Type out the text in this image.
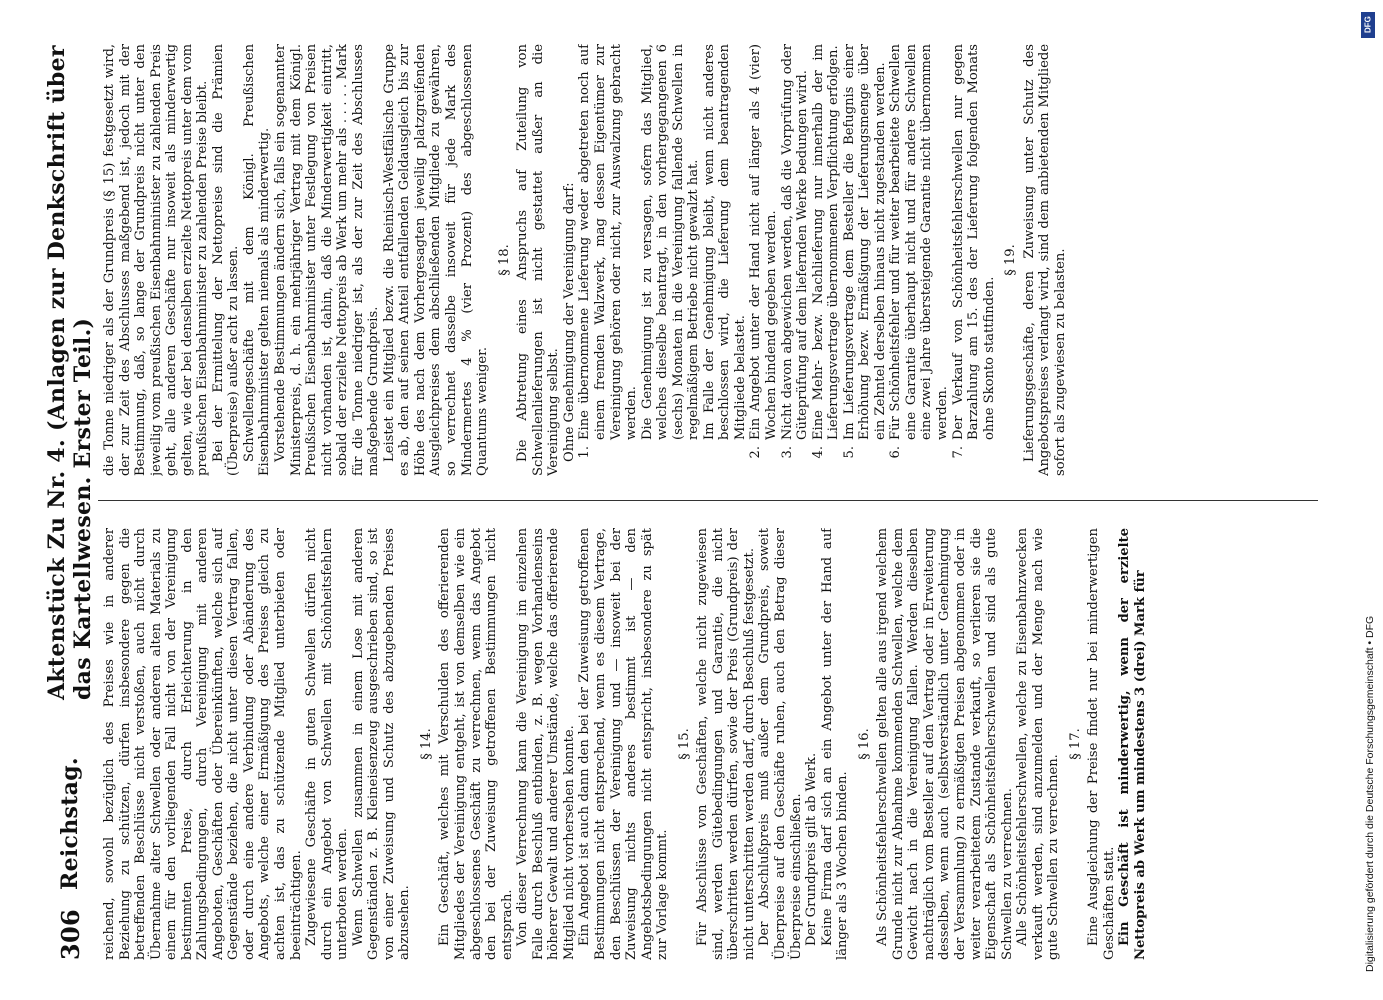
306
Reichstag.
Aktenstück Zu Nr. 4. (Anlagen zur Denkschrift über das Kartellwesen. Erster Teil.)

reichend, sowohl bezüglich des Preises wie in anderer Beziehung zu schützen, dürfen insbesondere gegen die betreffenden Beschlüsse nicht verstoßen, auch nicht durch Übernahme alter Schwellen oder anderen alten Materials zu einem für den vorliegenden Fall nicht von der Vereinigung bestimmten Preise, durch Erleichterung in den Zahlungsbedingungen, durch Vereinigung mit anderen Angeboten, Geschäften oder Übereinkünften, welche sich auf Gegenstände beziehen, die nicht unter diesen Vertrag fallen, oder durch eine andere Verbindung oder Abänderung des Angebots, welche einer Ermäßigung des Preises gleich zu achten ist, das zu schützende Mitglied unterbieten oder beeinträchtigen. Zugewiesene Geschäfte in guten Schwellen dürfen nicht durch ein Angebot von Schwellen mit Schönheitsfehlern unterboten werden. Wenn Schwellen zusammen in einem Lose mit anderen Gegenständen z. B. Kleineisenzeug ausgeschrieben sind, so ist von einer Zuweisung und Schutz des abzugebenden Preises abzusehen.

§ 14. Ein Geschäft, welches mit Verschulden des offerierenden Mitgliedes der Vereinigung entgeht, ist von demselben wie ein abgeschlossenes Geschäft zu verrechnen, wenn das Angebot den bei der Zuweisung getroffenen Bestimmungen nicht entsprach. Von dieser Verrechnung kann die Vereinigung im einzelnen Falle durch Beschluß entbinden, z. B. wegen Vorhandenseins höherer Gewalt und anderer Umstände, welche das offerierende Mitglied nicht vorhersehen konnte. Ein Angebot ist auch dann den bei der Zuweisung getroffenen Bestimmungen nicht entsprechend, wenn es diesem Vertrage, den Beschlüssen der Vereinigung und — insoweit bei der Zuweisung nichts anderes bestimmt ist — den Angebotsbedingungen nicht entspricht, insbesondere zu spät zur Vorlage kommt.

§ 15. Für Abschlüsse von Geschäften, welche nicht zugewiesen sind, werden Gütebedingungen und Garantie, die nicht überschritten werden dürfen, sowie der Preis (Grundpreis) der nicht unterschritten werden darf, durch Beschluß festgesetzt. Der Abschlußpreis muß außer dem Grundpreis, soweit Überpreise auf den Geschäfte ruhen, auch den Betrag dieser Überpreise einschließen. Der Grundpreis gilt ab Werk. Keine Firma darf sich an ein Angebot unter der Hand auf länger als 3 Wochen binden.

§ 16. Als Schönheitsfehlerschwellen gelten alle aus irgend welchem Grunde nicht zur Abnahme kommenden Schwellen, welche dem Gewicht nach in die Vereinigung fallen. Werden dieselben nachträglich vom Besteller auf den Vertrag oder in Erweiterung desselben, wenn auch (selbstverständlich unter Genehmigung der Versammlung) zu ermäßigten Preisen abgenommen oder in weiter verarbeitetem Zustande verkauft, so verlieren sie die Eigenschaft als Schönheitsfehlerschwellen und sind als gute Schwellen zu verrechnen. Alle Schönheitsfehlerschwellen, welche zu Eisenbahnzwecken verkauft werden, sind anzumelden und der Menge nach wie gute Schwellen zu verrechnen.

§ 17. Eine Ausgleichung der Preise findet nur bei minderwertigen Geschäften statt. Ein Geschäft ist minderwertig, wenn der erzielte Nettopreis ab Werk um mindestens 3 (drei) Mark für

die Tonne niedriger als der Grundpreis (§ 15) festgesetzt wird, der zur Zeit des Abschlusses maßgebend ist, jedoch mit der Bestimmung, daß, so lange der Grundpreis nicht unter den jeweilig vom preußischen Eisenbahnminister zu zahlenden Preis geht, alle anderen Geschäfte nur insoweit als minderwertig gelten, wie der bei denselben erzielte Nettopreis unter dem vom preußischen Eisenbahnminister zu zahlenden Preise bleibt. Bei der Ermittelung der Nettopreise sind die Prämien (Überpreise) außer acht zu lassen. Schwellengeschäfte mit dem Königl. Preußischen Eisenbahnminister gelten niemals als minderwertig. Vorstehende Bestimmungen ändern sich, falls ein sogenannter Ministerpreis, d. h. ein mehrjähriger Vertrag mit dem Königl. Preußischen Eisenbahnminister unter Festlegung von Preisen nicht vorhanden ist, dahin, daß die Minderwertigkeit eintritt, sobald der erzielte Nettopreis ab Werk um mehr als . . . . . Mark für die Tonne niedriger ist, als der zur Zeit des Abschlusses maßgebende Grundpreis. Leistet ein Mitglied bezw. die Rheinisch-Westfälische Gruppe es ab, den auf seinen Anteil entfallenden Geldausgleich bis zur Höhe des nach dem Vorhergesagten jeweilig platzgreifenden Ausgleichpreises dem abschließenden Mitgliede zu gewähren, so verrechnet dasselbe insoweit für jede Mark des Mindermertes 4 % (vier Prozent) des abgeschlossenen Quantums weniger.

§ 18. Die Abtretung eines Anspruchs auf Zuteilung von Schwellenlieferungen ist nicht gestattet außer an die Vereinigung selbst. Ohne Genehmigung der Vereinigung darf: 1.
Eine übernommene Lieferung weder abgetreten noch auf einem fremden Walzwerk, mag dessen Eigentümer zur Vereinigung gehören oder nicht, zur Auswalzung gebracht werden. Die Genehmigung ist zu versagen, sofern das Mitglied, welches dieselbe beantragt, in den vorhergegangenen 6 (sechs) Monaten in die Vereinigung fallende Schwellen in regelmäßigem Betriebe nicht gewalzt hat. Im Falle der Genehmigung bleibt, wenn nicht anderes beschlossen wird, die Lieferung dem beantragenden Mitgliede belastet.
2.
Ein Angebot unter der Hand nicht auf länger als 4 (vier) Wochen bindend gegeben werden.
3.
Nicht davon abgewichen werden, daß die Vorprüfung oder Güteprüfung auf dem liefernden Werke bedungen wird.
4.
Eine Mehr- bezw. Nachlieferung nur innerhalb der im Lieferungsvertrage übernommenen Verpflichtung erfolgen.
5.
Im Lieferungsvertrage dem Besteller die Befugnis einer Erhöhung bezw. Ermäßigung der Lieferungsmenge über ein Zehntel derselben hinaus nicht zugestanden werden.
6.
Für Schönheitsfehler und für weiter bearbeitete Schwellen eine Garantie überhaupt nicht und für andere Schwellen eine zwei Jahre übersteigende Garantie nicht übernommen werden.
7.
Der Verkauf von Schönheitsfehlerschwellen nur gegen Barzahlung am 15. des der Lieferung folgenden Monats ohne Skonto stattfinden.

§ 19. Lieferungsgeschäfte, deren Zuweisung unter Schutz des Angebotspreises verlangt wird, sind dem anbietenden Mitgliede sofort als zugewiesen zu belasten.

DFG
Digitalisierung gefördert durch die Deutsche Forschungsgemeinschaft • DFG
